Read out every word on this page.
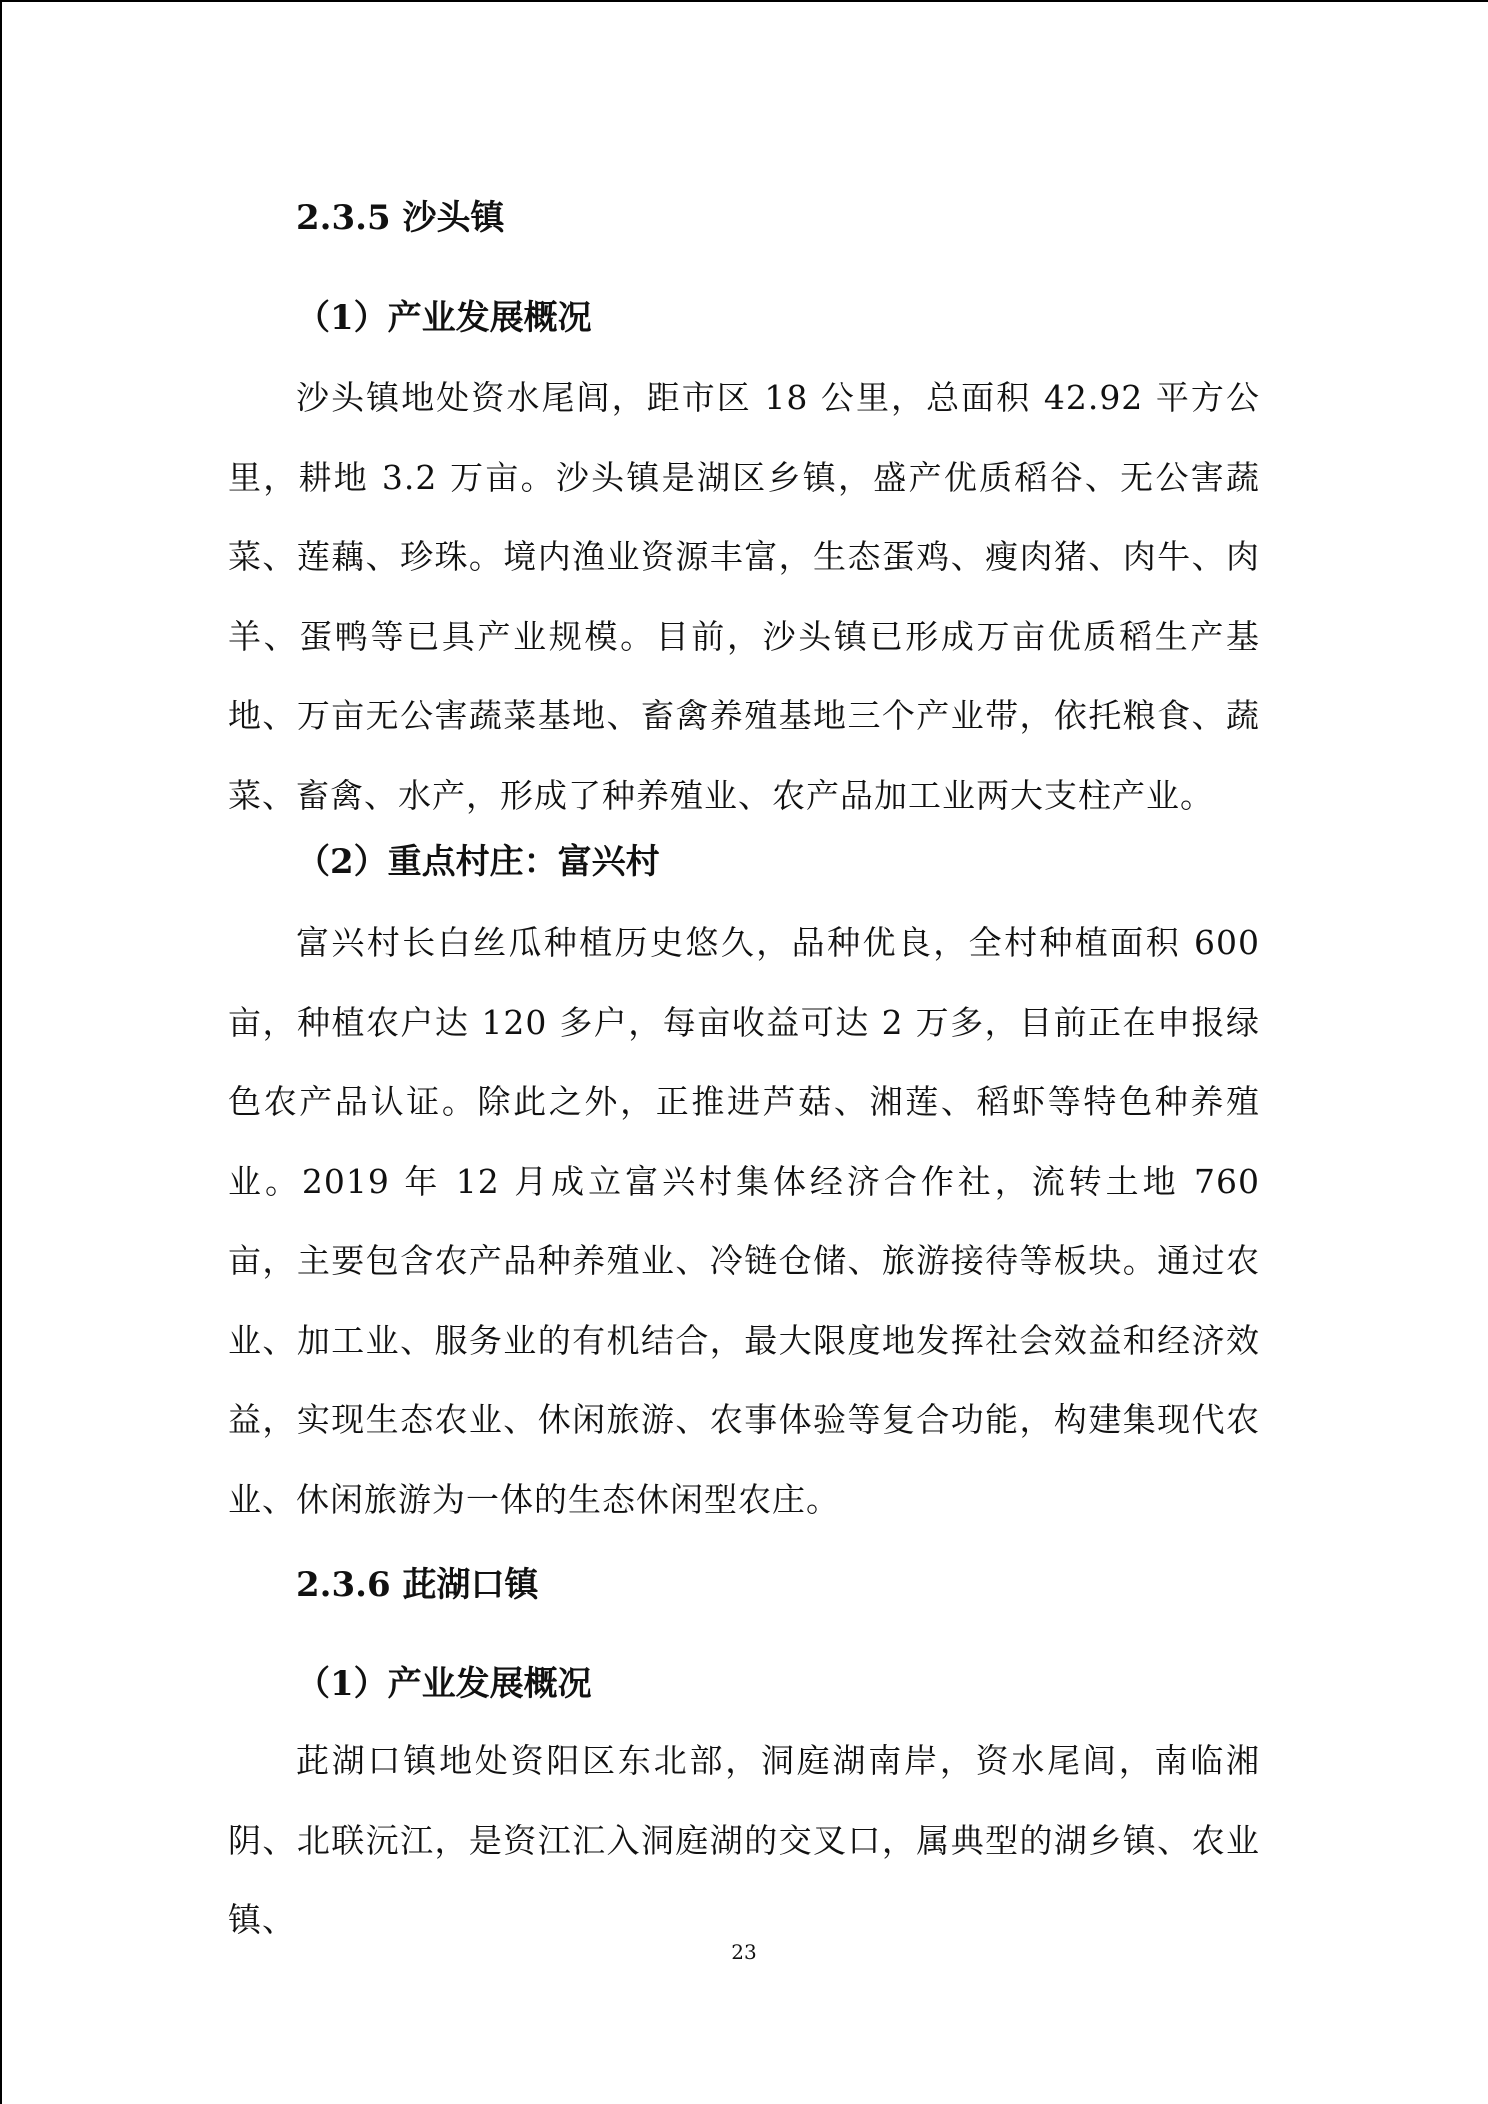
2.3.5 沙头镇
（1）产业发展概况
沙头镇地处资水尾闾，距市区 18 公里，总面积 42.92 平方公里，耕地 3.2 万亩。沙头镇是湖区乡镇，盛产优质稻谷、无公害蔬菜、莲藕、珍珠。境内渔业资源丰富，生态蛋鸡、瘦肉猪、肉牛、肉羊、蛋鸭等已具产业规模。目前，沙头镇已形成万亩优质稻生产基地、万亩无公害蔬菜基地、畜禽养殖基地三个产业带，依托粮食、蔬菜、畜禽、水产，形成了种养殖业、农产品加工业两大支柱产业。
（2）重点村庄：富兴村
富兴村长白丝瓜种植历史悠久，品种优良，全村种植面积 600 亩，种植农户达 120 多户，每亩收益可达 2 万多，目前正在申报绿色农产品认证。除此之外，正推进芦菇、湘莲、稻虾等特色种养殖业。2019 年 12 月成立富兴村集体经济合作社，流转土地 760 亩，主要包含农产品种养殖业、冷链仓储、旅游接待等板块。通过农业、加工业、服务业的有机结合，最大限度地发挥社会效益和经济效益，实现生态农业、休闲旅游、农事体验等复合功能，构建集现代农业、休闲旅游为一体的生态休闲型农庄。
2.3.6 茈湖口镇
（1）产业发展概况
茈湖口镇地处资阳区东北部，洞庭湖南岸，资水尾闾，南临湘阴、北联沅江，是资江汇入洞庭湖的交叉口，属典型的湖乡镇、农业镇、
23
